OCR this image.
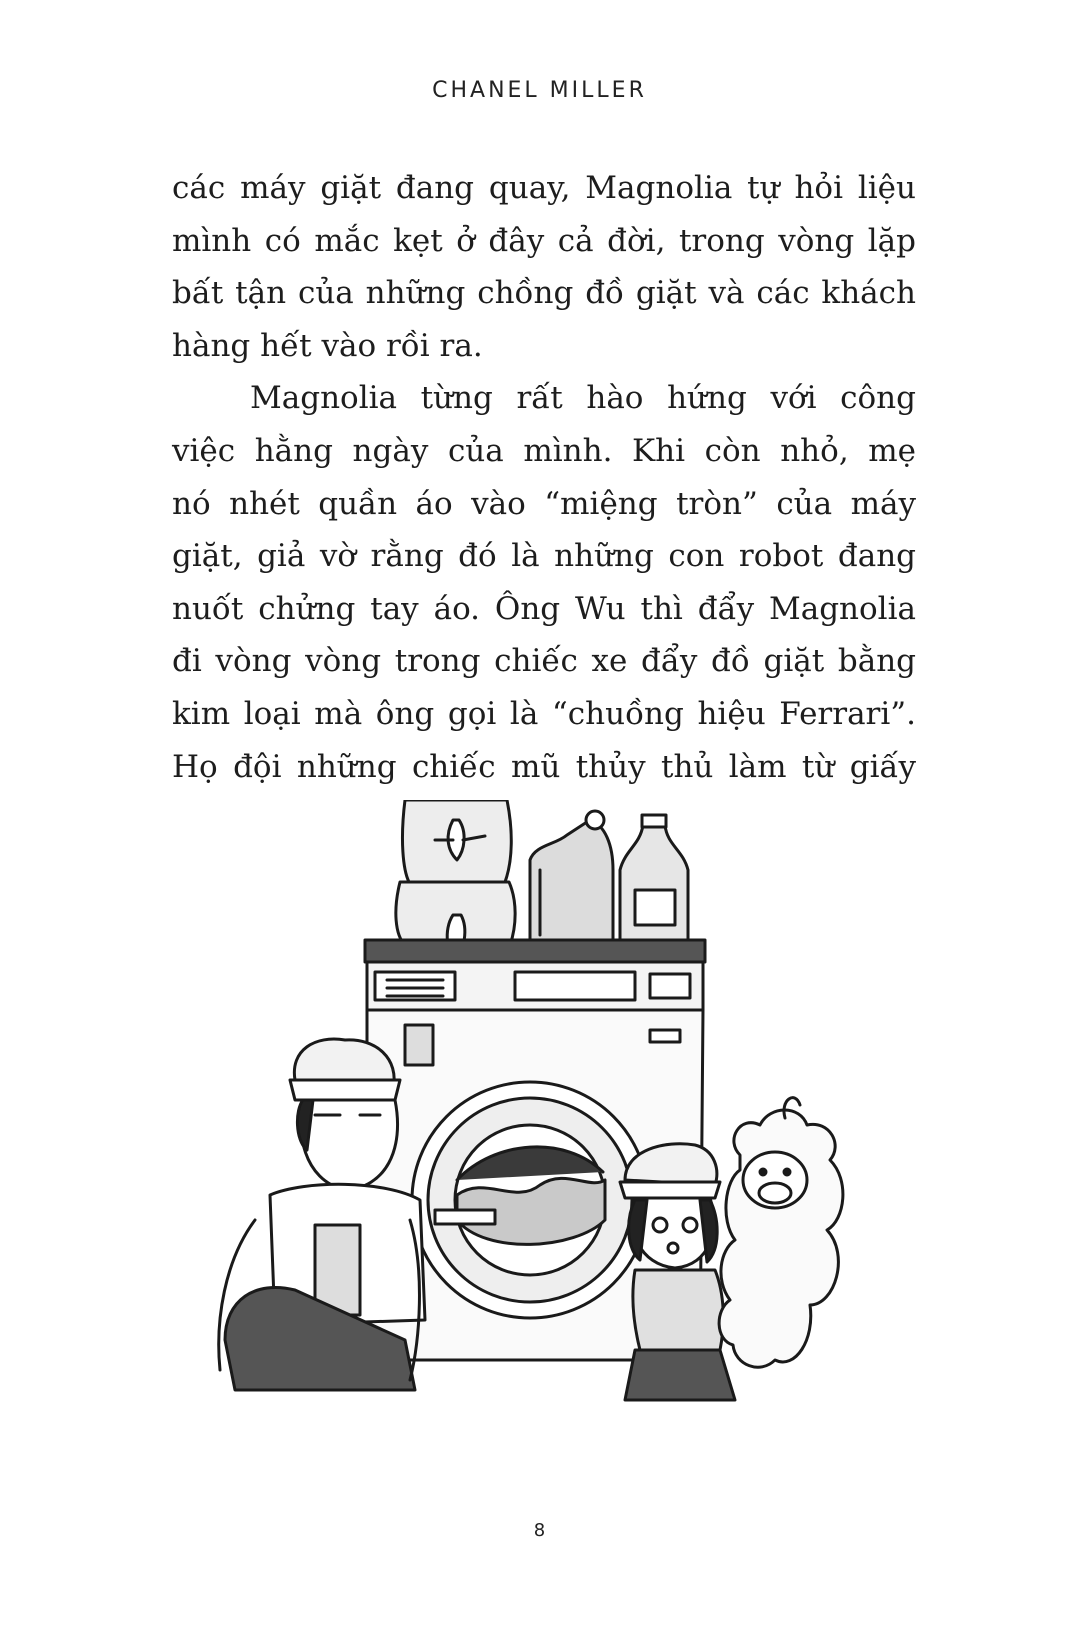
CHANEL MILLER
các máy giặt đang quay, Magnolia tự hỏi liệu
mình có mắc kẹt ở đây cả đời, trong vòng lặp
bất tận của những chồng đồ giặt và các khách
hàng hết vào rồi ra.
Magnolia từng rất hào hứng với công
việc hằng ngày của mình. Khi còn nhỏ, mẹ
nó nhét quần áo vào “miệng tròn” của máy
giặt, giả vờ rằng đó là những con robot đang
nuốt chửng tay áo. Ông Wu thì đẩy Magnolia
đi vòng vòng trong chiếc xe đẩy đồ giặt bằng
kim loại mà ông gọi là “chuồng hiệu Ferrari”.
Họ đội những chiếc mũ thủy thủ làm từ giấy
8
